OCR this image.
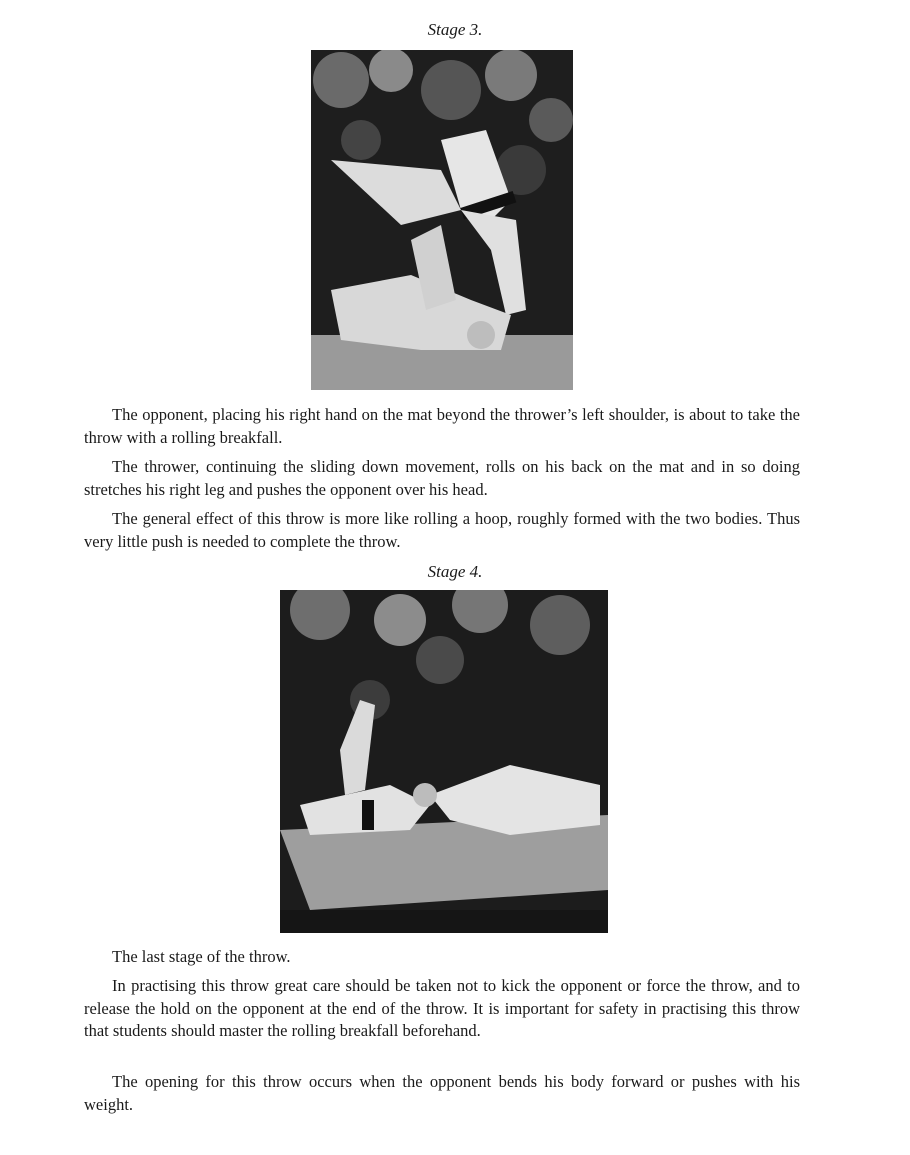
Stage 3.

The opponent, placing his right hand on the mat beyond the thrower’s left shoulder, is about to take the throw with a rolling breakfall.

The thrower, continuing the sliding down movement, rolls on his back on the mat and in so doing stretches his right leg and pushes the opponent over his head.

The general effect of this throw is more like rolling a hoop, roughly formed with the two bodies. Thus very little push is needed to complete the throw.

Stage 4.

The last stage of the throw.

In practising this throw great care should be taken not to kick the opponent or force the throw, and to release the hold on the opponent at the end of the throw. It is important for safety in practising this throw that students should master the rolling breakfall beforehand.

The opening for this throw occurs when the opponent bends his body forward or pushes with his weight.
